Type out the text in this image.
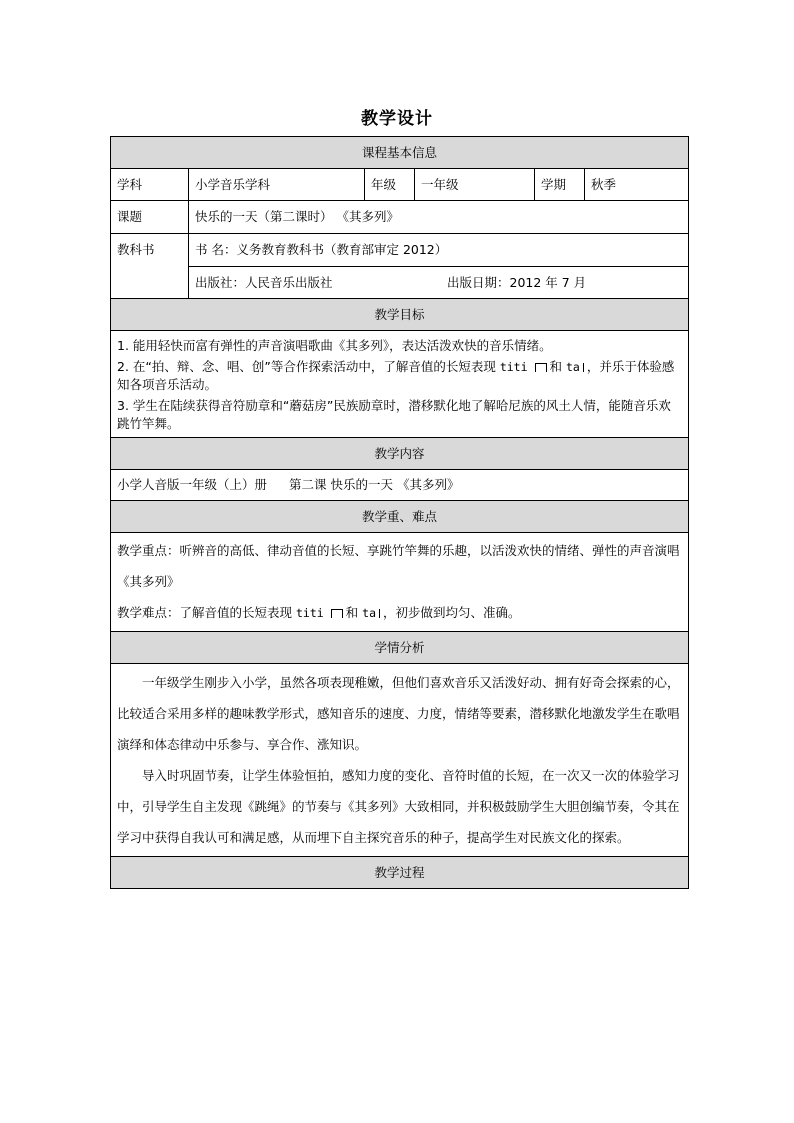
教学设计
课程基本信息					
学科	小学音乐学科	年级	一年级	学期	秋季
课题	快乐的一天（第二课时） 《其多列》				
教科书	书 名：义务教育教科书（教育部审定 2012）
出版社：人民音乐出版社 出版日期：2012 年 7 月				

教学目标					

1. 能用轻快而富有弹性的声音演唱歌曲《其多列》，表达活泼欢快的音乐情绪。

2. 在“拍、辩、念、唱、创”等合作探索活动中，了解音值的长短表现 titi 和 ta ，并乐于体验感知各项音乐活动。

3. 学生在陆续获得音符励章和“蘑菇房”民族励章时，潜移默化地了解哈尼族的风土人情，能随音乐欢跳竹竿舞。					

教学内容					
小学人音版一年级（上）册 第二课 快乐的一天 《其多列》					
教学重、难点					

教学重点：听辨音的高低、律动音值的长短、享跳竹竿舞的乐趣，以活泼欢快的情绪、弹性的声音演唱《其多列》

教学难点：了解音值的长短表现 titi 和 ta ，初步做到均匀、准确。					

学情分析					

一年级学生刚步入小学，虽然各项表现稚嫩，但他们喜欢音乐又活泼好动、拥有好奇会探索的心，比较适合采用多样的趣味教学形式，感知音乐的速度、力度，情绪等要素，潜移默化地激发学生在歌唱演绎和体态律动中乐参与、享合作、涨知识。

导入时巩固节奏，让学生体验恒拍，感知力度的变化、音符时值的长短，在一次又一次的体验学习中，引导学生自主发现《跳绳》的节奏与《其多列》大致相同，并积极鼓励学生大胆创编节奏，令其在学习中获得自我认可和满足感，从而埋下自主探究音乐的种子，提高学生对民族文化的探索。					

教学过程					
